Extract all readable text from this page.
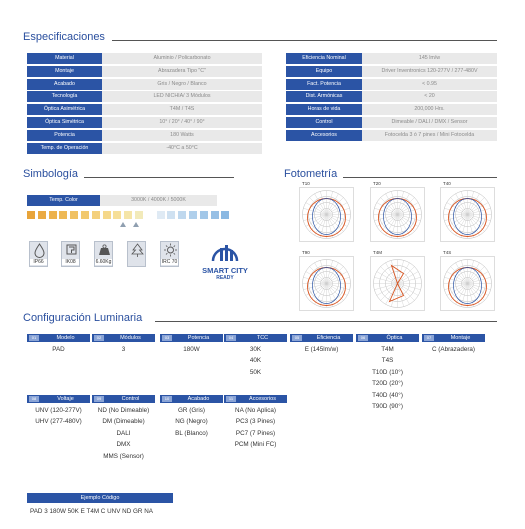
Especificaciones
Material	Aluminio / Policarbonato
Montaje	Abrazadera Tipo "C"
Acabado	Gris / Negro / Blanco
Tecnología	LED NICHIA/ 3 Módulos
Óptica Asimétrica	T4M / T4S
Óptica Simétrica	10° / 20° / 40° / 90°
Potencia	180 Watts
Temp. de Operación	-40°C a 50°C
Eficiencia Nominal	145 lm/w
Equipo	Driver Inventronics 120-277V / 277-480V
Fact. Potencia	< 0.95
Dist. Armónicas	< 20
Horas de vida	200,000 Hrs.
Control	Dimeable / DALI / DMX / Sensor
Accesorios	Fotocelda 3 ó 7 pines / Mini Fotocelda
Simbología	Fotometría
Temp. Color	3000K / 4000K / 5000K
IP66	IK08	6.60Kg	IRC 70
SMART CITY
READY
T10	T20	T40
T90	T4M	T4S
Configuración Luminaria
01	Modelo
PAD
02	Módulos
3
03	Potencia
180W
04	TCC
30K
40K
50K
05	Eficiencia
E (145lm/w)
06	Óptica
T4M
T4S
T10D (10°)
T20D (20°)
T40D (40°)
T90D (90°)
07	Montaje
C (Abrazadera)
08	Voltaje
UNV (120-277V)
UHV (277-480V)
09	Control
ND (No Dimeable)
DM (Dimeable)
DALI
DMX
MMS (Sensor)
10	Acabado
GR (Gris)
NG (Negro)
BL (Blanco)
11	Accesorios
NA (No Aplica)
PC3 (3 Pines)
PC7 (7 Pines)
PCM (Mini FC)
Ejemplo Código
PAD 3 180W 50K E T4M C UNV ND GR NA
